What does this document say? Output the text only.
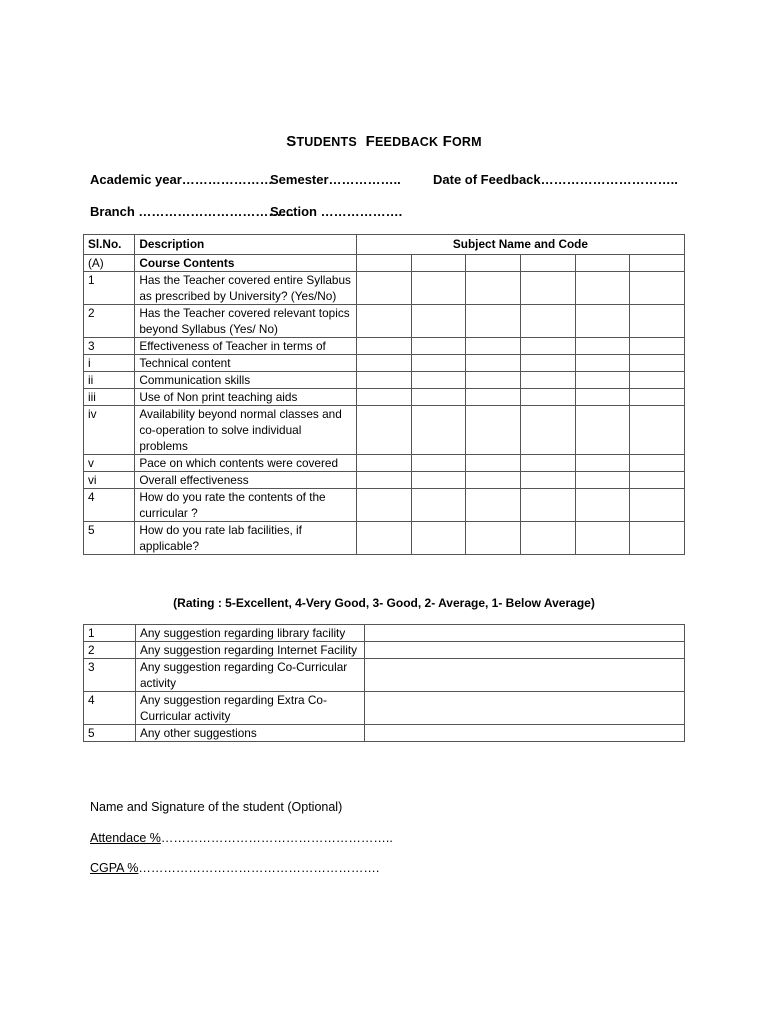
STUDENTS FEEDBACK FORM
Academic year…………………
Semester…………….. Date of Feedback…………………………..
Branch ………………………………
Section ……………….
Sl.No.	Description	Subject Name and Code					
(A)	Course Contents						
1	Has the Teacher covered entire Syllabus as prescribed by University? (Yes/No)						
2	Has the Teacher covered relevant topics beyond Syllabus (Yes/ No)						
3	Effectiveness of Teacher in terms of						
i	Technical content						
ii	Communication skills						
iii	Use of Non print teaching aids						
iv	Availability beyond normal classes and co-operation to solve individual problems						
v	Pace on which contents were covered						
vi	Overall effectiveness						
4	How do you rate the contents of the curricular ?						
5	How do you rate lab facilities, if applicable?						
(Rating : 5-Excellent, 4-Very Good, 3- Good, 2- Average, 1- Below Average)
1	Any suggestion regarding library facility	
2	Any suggestion regarding Internet Facility	
3	Any suggestion regarding Co-Curricular activity	
4	Any suggestion regarding Extra Co-Curricular activity	
5	Any other suggestions	
Name and Signature of the student (Optional)
Attendace %………………………………………………..
CGPA %………………………………………………….
